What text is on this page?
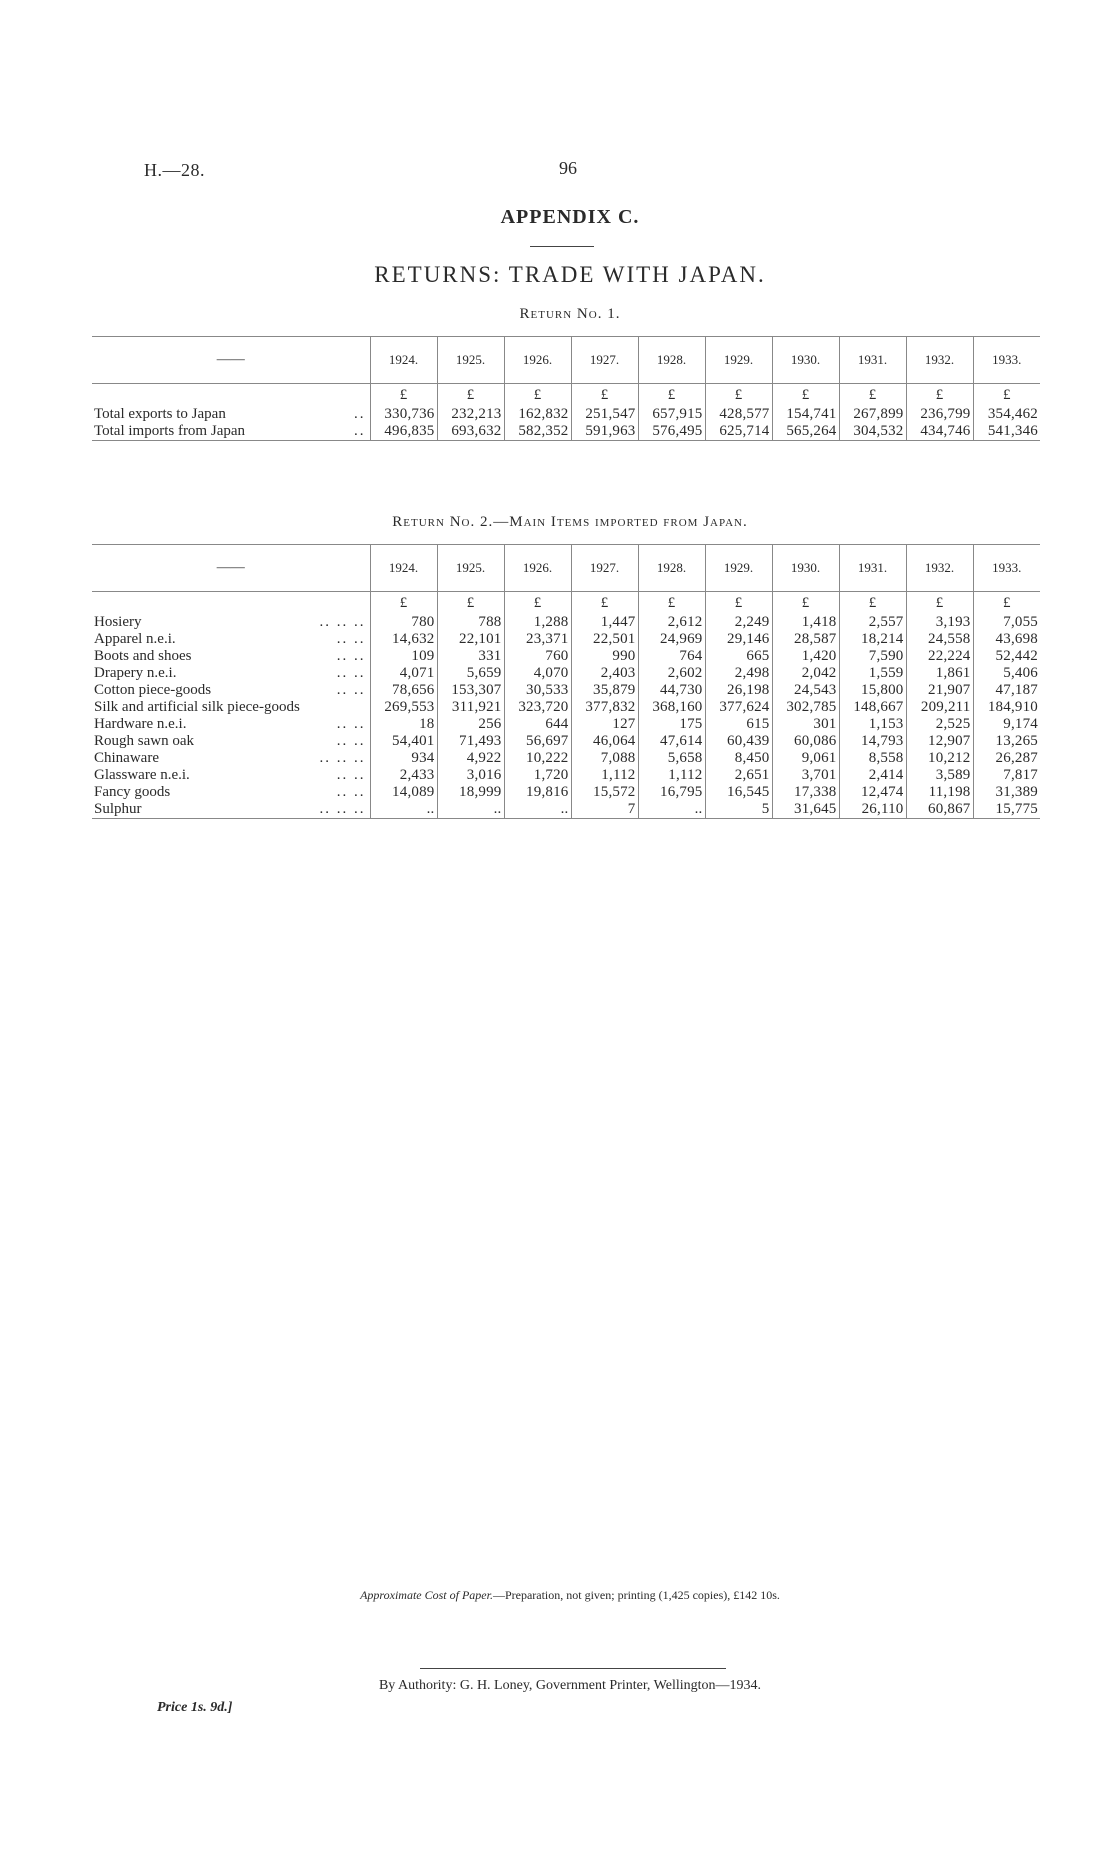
H.—28.	96
APPENDIX C.
RETURNS: TRADE WITH JAPAN.
Return No. 1.
——	1924.	1925.	1926.	1927.	1928.	1929.	1930.	1931.	1932.	1933.
	£	£	£	£	£	£	£	£	£	£
Total exports to Japan ..	330,736	232,213	162,832	251,547	657,915	428,577	154,741	267,899	236,799	354,462
Total imports from Japan ..	496,835	693,632	582,352	591,963	576,495	625,714	565,264	304,532	434,746	541,346
Return No. 2.—Main Items imported from Japan.
——	1924.	1925.	1926.	1927.	1928.	1929.	1930.	1931.	1932.	1933.
	£	£	£	£	£	£	£	£	£	£
Hosiery .. .. ..	780	788	1,288	1,447	2,612	2,249	1,418	2,557	3,193	7,055
Apparel n.e.i. .. ..	14,632	22,101	23,371	22,501	24,969	29,146	28,587	18,214	24,558	43,698
Boots and shoes .. ..	109	331	760	990	764	665	1,420	7,590	22,224	52,442
Drapery n.e.i. .. ..	4,071	5,659	4,070	2,403	2,602	2,498	2,042	1,559	1,861	5,406
Cotton piece-goods .. ..	78,656	153,307	30,533	35,879	44,730	26,198	24,543	15,800	21,907	47,187
Silk and artificial silk piece-goods	269,553	311,921	323,720	377,832	368,160	377,624	302,785	148,667	209,211	184,910
Hardware n.e.i. .. ..	18	256	644	127	175	615	301	1,153	2,525	9,174
Rough sawn oak .. ..	54,401	71,493	56,697	46,064	47,614	60,439	60,086	14,793	12,907	13,265
Chinaware .. .. ..	934	4,922	10,222	7,088	5,658	8,450	9,061	8,558	10,212	26,287
Glassware n.e.i. .. ..	2,433	3,016	1,720	1,112	1,112	2,651	3,701	2,414	3,589	7,817
Fancy goods .. ..	14,089	18,999	19,816	15,572	16,795	16,545	17,338	12,474	11,198	31,389
Sulphur .. .. ..	..	..	..	7	..	5	31,645	26,110	60,867	15,775
Approximate Cost of Paper.—Preparation, not given; printing (1,425 copies), £142 10s.
By Authority: G. H. Loney, Government Printer, Wellington—1934.
Price 1s. 9d.]
